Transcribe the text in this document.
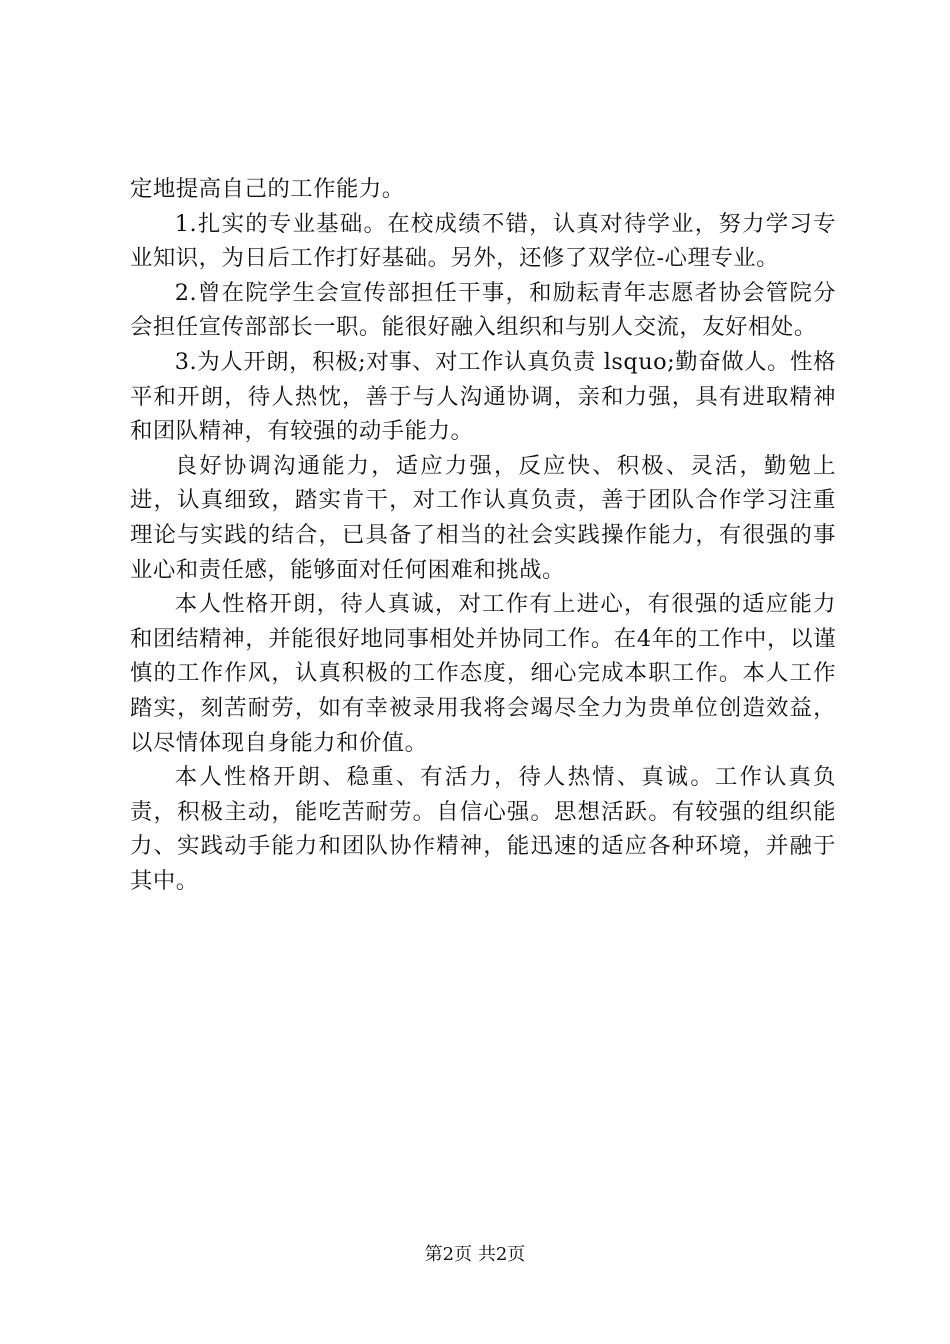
定地提高自己的工作能力。

1.扎实的专业基础。在校成绩不错，认真对待学业，努力学习专业知识，为日后工作打好基础。另外，还修了双学位-心理专业。

2.曾在院学生会宣传部担任干事，和励耘青年志愿者协会管院分会担任宣传部部长一职。能很好融入组织和与别人交流，友好相处。

3.为人开朗，积极;对事、对工作认真负责 lsquo;勤奋做人。性格平和开朗，待人热忱，善于与人沟通协调，亲和力强，具有进取精神和团队精神，有较强的动手能力。

良好协调沟通能力，适应力强，反应快、积极、灵活，勤勉上进，认真细致，踏实肯干，对工作认真负责，善于团队合作学习注重理论与实践的结合，已具备了相当的社会实践操作能力，有很强的事业心和责任感，能够面对任何困难和挑战。

本人性格开朗，待人真诚，对工作有上进心，有很强的适应能力和团结精神，并能很好地同事相处并协同工作。在4年的工作中，以谨慎的工作作风，认真积极的工作态度，细心完成本职工作。本人工作踏实，刻苦耐劳，如有幸被录用我将会竭尽全力为贵单位创造效益，以尽情体现自身能力和价值。

本人性格开朗、稳重、有活力，待人热情、真诚。工作认真负责，积极主动，能吃苦耐劳。自信心强。思想活跃。有较强的组织能力、实践动手能力和团队协作精神，能迅速的适应各种环境，并融于其中。

第2页 共2页
